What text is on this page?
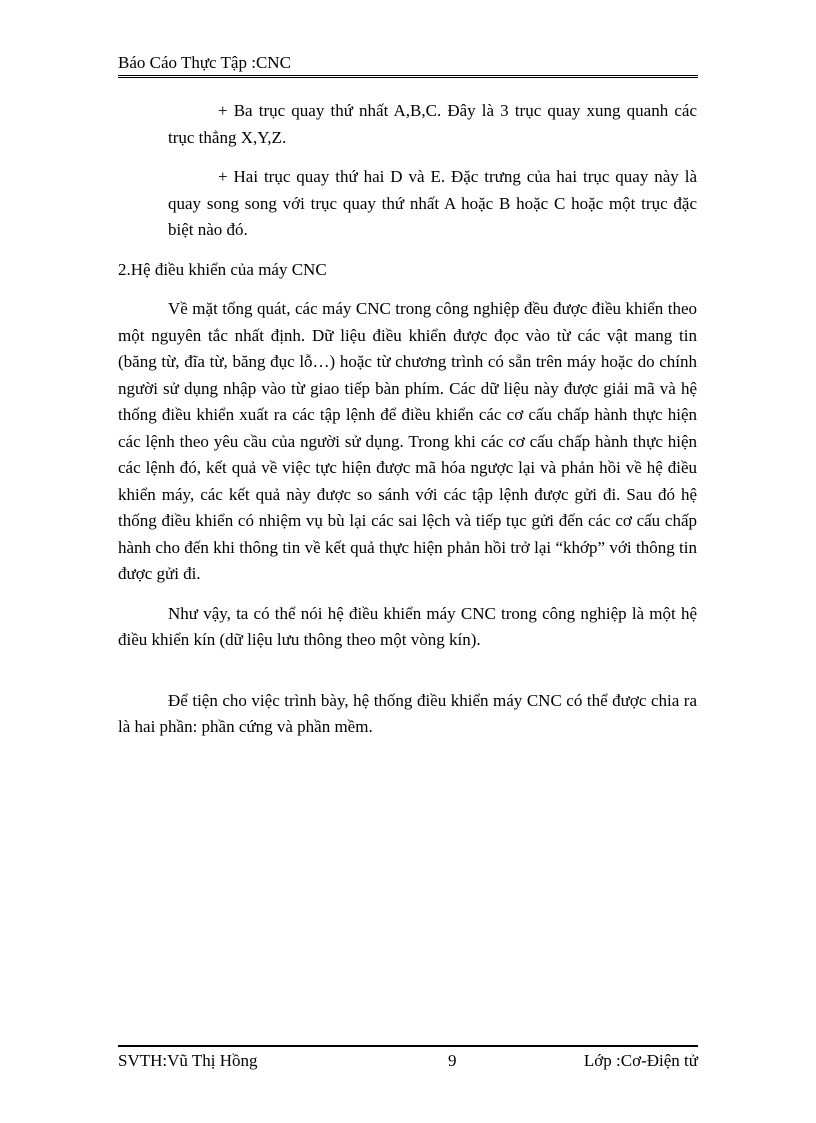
Báo Cáo Thực Tập :CNC

+ Ba trục quay thứ nhất A,B,C. Đây là 3 trục quay xung quanh các trục thẳng X,Y,Z.

+ Hai trục quay thứ hai D và E. Đặc trưng của hai trục quay này là quay song song với trục quay thứ nhất A hoặc B hoặc C hoặc một trục đặc biệt nào đó.

2.Hệ điều khiển của máy CNC

Về mặt tổng quát, các máy CNC trong công nghiệp đều được điều khiển theo một nguyên tắc nhất định. Dữ liệu điều khiển được đọc vào từ các vật mang tin (băng từ, đĩa từ, băng đục lỗ…) hoặc từ chương trình có sẵn trên máy hoặc do chính người sử dụng nhập vào từ giao tiếp bàn phím. Các dữ liệu này được giải mã và hệ thống điều khiển xuất ra các tập lệnh để điều khiển các cơ cấu chấp hành thực hiện các lệnh theo yêu cầu của người sử dụng. Trong khi các cơ cấu chấp hành thực hiện các lệnh đó, kết quả về việc tực hiện được mã hóa ngược lại và phản hồi về hệ điều khiển máy, các kết quả này được so sánh với các tập lệnh được gửi đi. Sau đó hệ thống điều khiển có nhiệm vụ bù lại các sai lệch và tiếp tục gửi đến các cơ cấu chấp hành cho đến khi thông tin về kết quả thực hiện phản hồi trở lại “khớp” với thông tin được gửi đi.

Như vậy, ta có thể nói hệ điều khiển máy CNC trong công nghiệp là một hệ điều khiển kín (dữ liệu lưu thông theo một vòng kín).

Để tiện cho việc trình bày, hệ thống điều khiển máy CNC có thể được chia ra là hai phần: phần cứng và phần mềm.

SVTH:Vũ Thị Hồng	9	Lớp :Cơ-Điện tử
